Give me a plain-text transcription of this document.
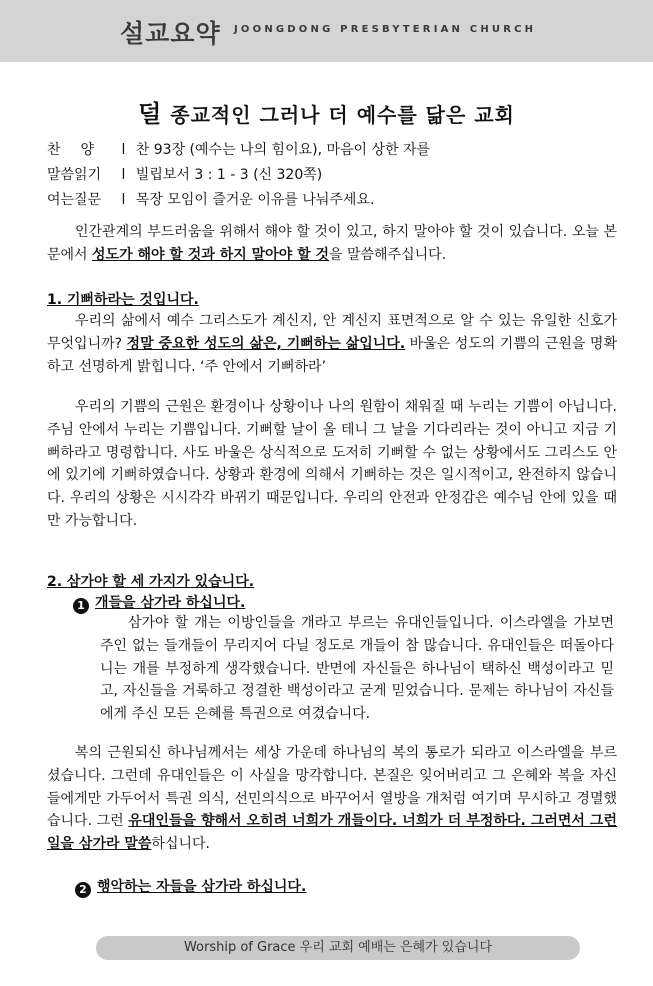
설교요약 JOONGDONG PRESBYTERIAN CHURCH
덜 종교적인 그러나 더 예수를 닮은 교회
찬양 l 찬 93장 (예수는 나의 힘이요), 마음이 상한 자를
말씀읽기 l 빌립보서 3 : 1 - 3 (신 320쪽)
여는질문 l 목장 모임이 즐거운 이유를 나눠주세요.
인간관계의 부드러움을 위해서 해야 할 것이 있고, 하지 말아야 할 것이 있습니다. 오늘 본문에서 성도가 해야 할 것과 하지 말아야 할 것을 말씀해주십니다.
1. 기뻐하라는 것입니다.
우리의 삶에서 예수 그리스도가 계신지, 안 계신지 표면적으로 알 수 있는 유일한 신호가 무엇입니까? 정말 중요한 성도의 삶은, 기뻐하는 삶입니다. 바울은 성도의 기쁨의 근원을 명확하고 선명하게 밝힙니다. ‘주 안에서 기뻐하라’
우리의 기쁨의 근원은 환경이나 상황이나 나의 원함이 채워질 때 누리는 기쁨이 아닙니다. 주님 안에서 누리는 기쁨입니다. 기뻐할 날이 올 테니 그 날을 기다리라는 것이 아니고 지금 기뻐하라고 명령합니다. 사도 바울은 상식적으로 도저히 기뻐할 수 없는 상황에서도 그리스도 안에 있기에 기뻐하였습니다. 상황과 환경에 의해서 기뻐하는 것은 일시적이고, 완전하지 않습니다. 우리의 상황은 시시각각 바뀌기 때문입니다. 우리의 안전과 안정감은 예수님 안에 있을 때만 가능합니다.
2. 삼가야 할 세 가지가 있습니다.
1 개들을 삼가라 하십니다.
삼가야 할 개는 이방인들을 개라고 부르는 유대인들입니다. 이스라엘을 가보면 주인 없는 들개들이 무리지어 다닐 정도로 개들이 참 많습니다. 유대인들은 떠돌아다니는 개를 부정하게 생각했습니다. 반면에 자신들은 하나님이 택하신 백성이라고 믿고, 자신들을 거룩하고 정결한 백성이라고 굳게 믿었습니다. 문제는 하나님이 자신들에게 주신 모든 은혜를 특권으로 여겼습니다.
복의 근원되신 하나님께서는 세상 가운데 하나님의 복의 통로가 되라고 이스라엘을 부르셨습니다. 그런데 유대인들은 이 사실을 망각합니다. 본질은 잊어버리고 그 은혜와 복을 자신들에게만 가두어서 특권 의식, 선민의식으로 바꾸어서 열방을 개처럼 여기며 무시하고 경멸했습니다. 그런 유대인들을 향해서 오히려 너희가 개들이다. 너희가 더 부정하다. 그러면서 그런 일을 삼가라 말씀하십니다.
2 행악하는 자들을 삼가라 하십니다.
Worship of Grace 우리 교회 예배는 은혜가 있습니다
